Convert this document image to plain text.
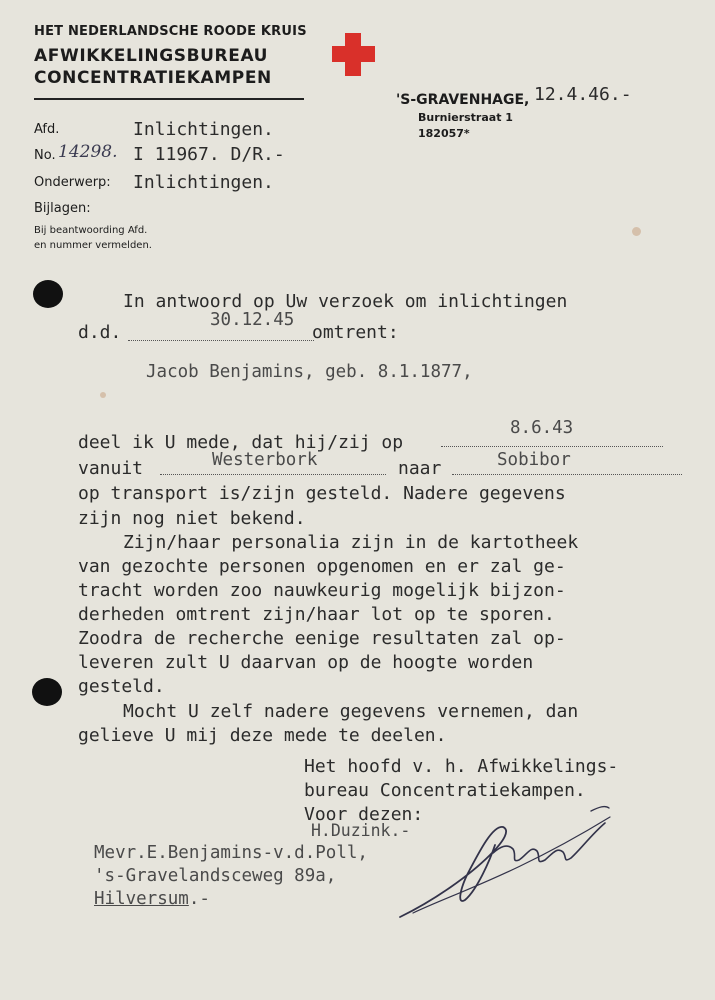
HET NEDERLANDSCHE ROODE KRUIS
AFWIKKELINGSBUREAU
CONCENTRATIEKAMPEN
'S-GRAVENHAGE, 12.4.46.-
Burnierstraat 1
182057*
Afd.	Inlichtingen.
No. 14298. I 11967. D/R.-
Onderwerp: Inlichtingen.
Bijlagen:
Bij beantwoording Afd.
en nummer vermelden.
In antwoord op Uw verzoek om inlichtingen
d.d.
30.12.45
omtrent:
Jacob Benjamins, geb. 8.1.1877,
deel ik U mede, dat hij/zij op
8.6.43
vanuit	Westerbork	naar	Sobibor
op transport is/zijn gesteld. Nadere gegevens
zijn nog niet bekend.
Zijn/haar personalia zijn in de kartotheek
van gezochte personen opgenomen en er zal ge-
tracht worden zoo nauwkeurig mogelijk bijzon-
derheden omtrent zijn/haar lot op te sporen.
Zoodra de recherche eenige resultaten zal op-
leveren zult U daarvan op de hoogte worden
gesteld.
Mocht U zelf nadere gegevens vernemen, dan
gelieve U mij deze mede te deelen.
Het hoofd v. h. Afwikkelings-
bureau Concentratiekampen.
Voor dezen:
H.Duzink.-
Mevr.E.Benjamins-v.d.Poll,
's-Gravelandsceweg 89a,
Hilversum.-
